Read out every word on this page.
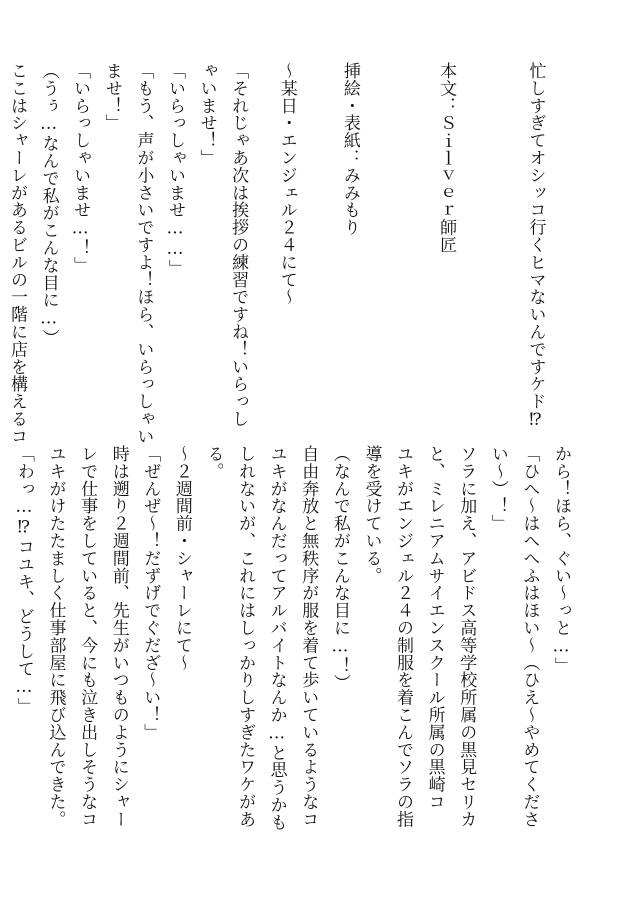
忙しすぎてオシッコ行くヒマないんですケド⁉
本文：Ｓｉｌｖｅｒ師匠
挿絵・表紙：みみもり
〜某日・エンジェル２４にて〜
「それじゃあ次は挨拶の練習ですね！いらっし
ゃいませ！」
「いらっしゃいませ……」
「もう、声が小さいですよ！ほら、いらっしゃい
ませ！」
「いらっしゃいませ…！」
（うぅ…なんで私がこんな目に…）
ここはシャーレがあるビルの一階に店を構えるコ
から！ほら、ぐい〜っと…」
「ひへ〜はへへふはほい〜（ひえ〜やめてくださ
い〜）！」
ソラに加え、アビドス高等学校所属の黒見セリカ
と、ミレニアムサイエンスクール所属の黒崎コ
ユキがエンジェル２４の制服を着こんでソラの指
導を受けている。
（なんで私がこんな目に…！）
自由奔放と無秩序が服を着て歩いているようなコ
ユキがなんだってアルバイトなんか…と思うかも
しれないが、これにはしっかりしすぎたワケがあ
る。
〜２週間前・シャーレにて〜
「ぜんぜ〜！だずげでぐだざ〜い！」
時は遡り２週間前、先生がいつものようにシャー
レで仕事をしていると、今にも泣き出しそうなコ
ユキがけたたましく仕事部屋に飛び込んできた。
「わっ…⁉コユキ、どうして…」
